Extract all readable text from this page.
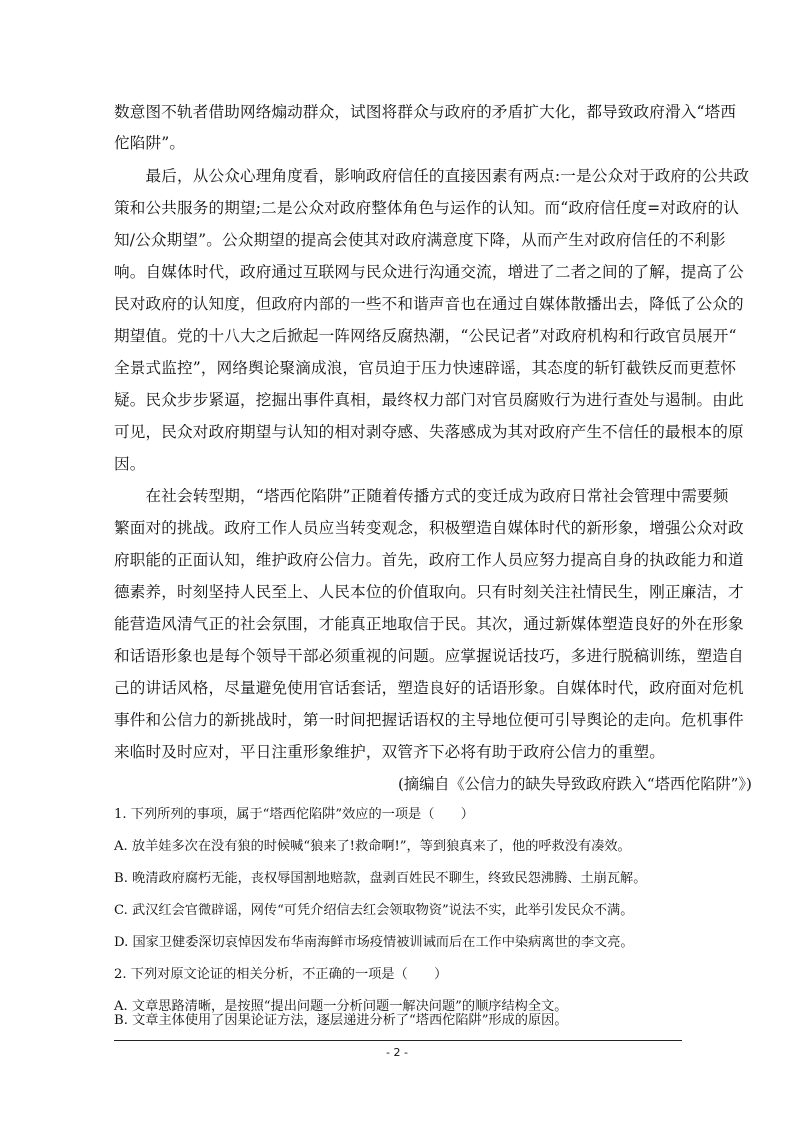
数意图不轨者借助网络煽动群众，试图将群众与政府的矛盾扩大化，都导致政府滑入“塔西
佗陷阱”。
　　最后，从公众心理角度看，影响政府信任的直接因素有两点:一是公众对于政府的公共政
策和公共服务的期望;二是公众对政府整体角色与运作的认知。而“政府信任度=对政府的认
知/公众期望”。公众期望的提高会使其对政府满意度下降，从而产生对政府信任的不利影
响。自媒体时代，政府通过互联网与民众进行沟通交流，增进了二者之间的了解，提高了公
民对政府的认知度，但政府内部的一些不和谐声音也在通过自媒体散播出去，降低了公众的
期望值。党的十八大之后掀起一阵网络反腐热潮，“公民记者”对政府机构和行政官员展开“
全景式监控”，网络舆论聚滴成浪，官员迫于压力快速辟谣，其态度的斩钉截铁反而更惹怀
疑。民众步步紧逼，挖掘出事件真相，最终权力部门对官员腐败行为进行查处与遏制。由此
可见，民众对政府期望与认知的相对剥夺感、失落感成为其对政府产生不信任的最根本的原
因。
　　在社会转型期，“塔西佗陷阱”正随着传播方式的变迁成为政府日常社会管理中需要频
繁面对的挑战。政府工作人员应当转变观念，积极塑造自媒体时代的新形象，增强公众对政
府职能的正面认知，维护政府公信力。首先，政府工作人员应努力提高自身的执政能力和道
德素养，时刻坚持人民至上、人民本位的价值取向。只有时刻关注社情民生，刚正廉洁，才
能营造风清气正的社会氛围，才能真正地取信于民。其次，通过新媒体塑造良好的外在形象
和话语形象也是每个领导干部必须重视的问题。应掌握说话技巧，多进行脱稿训练，塑造自
己的讲话风格，尽量避免使用官话套话，塑造良好的话语形象。自媒体时代，政府面对危机
事件和公信力的新挑战时，第一时间把握话语权的主导地位便可引导舆论的走向。危机事件
来临时及时应对，平日注重形象维护，双管齐下必将有助于政府公信力的重塑。
(摘编自《公信力的缺失导致政府跌入“塔西佗陷阱”》)
1. 下列所列的事项，属于“塔西佗陷阱”效应的一项是（　　）
A. 放羊娃多次在没有狼的时候喊“狼来了!救命啊!”，等到狼真来了，他的呼救没有凑效。
B. 晚清政府腐朽无能，丧权辱国割地赔款，盘剥百姓民不聊生，终致民怨沸腾、土崩瓦解。
C. 武汉红会官微辟谣，网传“可凭介绍信去红会领取物资”说法不实，此举引发民众不满。
D. 国家卫健委深切哀悼因发布华南海鲜市场疫情被训诫而后在工作中染病离世的李文亮。
2. 下列对原文论证的相关分析，不正确的一项是（　　）
A. 文章思路清晰，是按照“提出问题一分析问题一解决问题”的顺序结构全文。
B. 文章主体使用了因果论证方法，逐层递进分析了“塔西佗陷阱”形成的原因。
- 2 -
